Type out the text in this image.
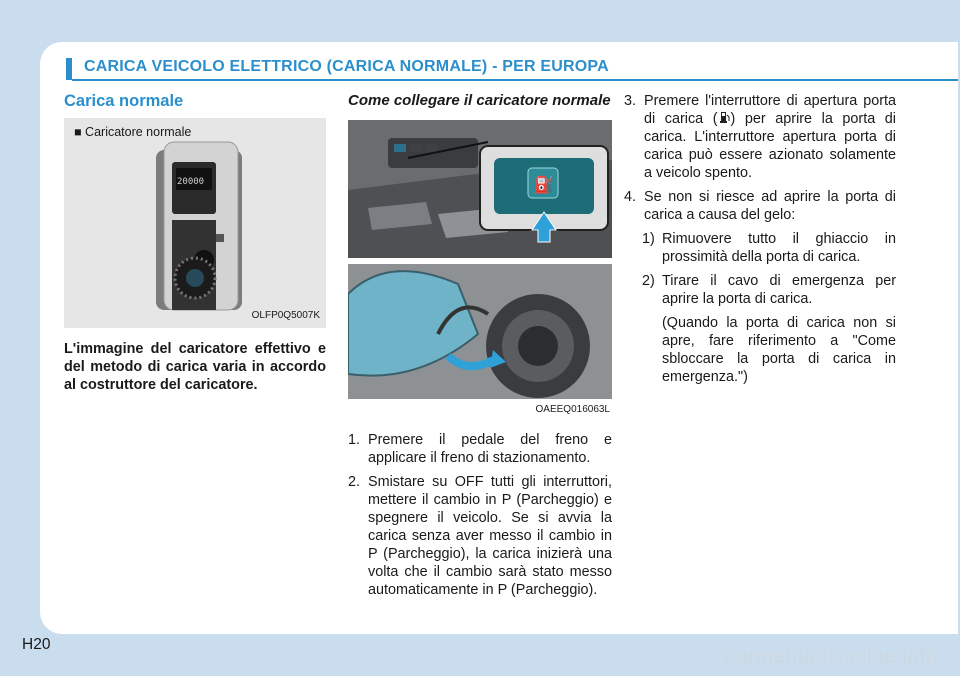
CARICA VEICOLO ELETTRICO (CARICA NORMALE) - PER EUROPA
Carica normale
■ Caricatore normale
20000
OLFP0Q5007K
L'immagine del caricatore effettivo e del metodo di carica varia in accordo al costruttore del caricatore.
Come collegare il caricatore normale
⛽
OAEEQ016063L
1. Premere il pedale del freno e applicare il freno di stazionamento.
2. Smistare su OFF tutti gli interruttori, mettere il cambio in P (Parcheggio) e spegnere il veicolo. Se si avvia la carica senza aver messo il cambio in P (Parcheggio), la carica inizierà una volta che il cambio sarà stato messo automaticamente in P (Parcheggio).
3. Premere l'interruttore di apertura porta di carica ( ) per aprire la porta di carica. L'interruttore apertura porta di carica può essere azionato solamente a veicolo spento.
4. Se non si riesce ad aprire la porta di carica a causa del gelo:
1) Rimuovere tutto il ghiaccio in prossimità della porta di carica.
2) Tirare il cavo di emergenza per aprire la porta di carica.
(Quando la porta di carica non si apre, fare riferimento a "Come sbloccare la porta di carica in emergenza.")
H20
carmanualsonline.info
